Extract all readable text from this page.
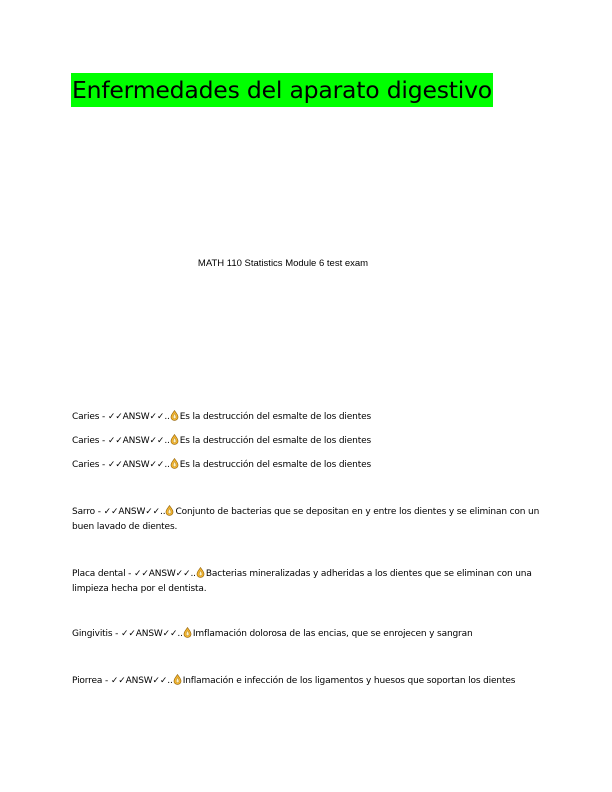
Enfermedades del aparato digestivo
MATH 110 Statistics Module 6 test exam
Caries - ✓✓ANSW✓✓.. Es la destrucción del esmalte de los dientes
Caries - ✓✓ANSW✓✓.. Es la destrucción del esmalte de los dientes
Caries - ✓✓ANSW✓✓.. Es la destrucción del esmalte de los dientes
Sarro - ✓✓ANSW✓✓.. Conjunto de bacterias que se depositan en y entre los dientes y se eliminan con un buen lavado de dientes.
Placa dental - ✓✓ANSW✓✓.. Bacterias mineralizadas y adheridas a los dientes que se eliminan con una limpieza hecha por el dentista.
Gingivitis - ✓✓ANSW✓✓.. Imflamación dolorosa de las encias, que se enrojecen y sangran
Piorrea - ✓✓ANSW✓✓.. Inflamación e infección de los ligamentos y huesos que soportan los dientes
